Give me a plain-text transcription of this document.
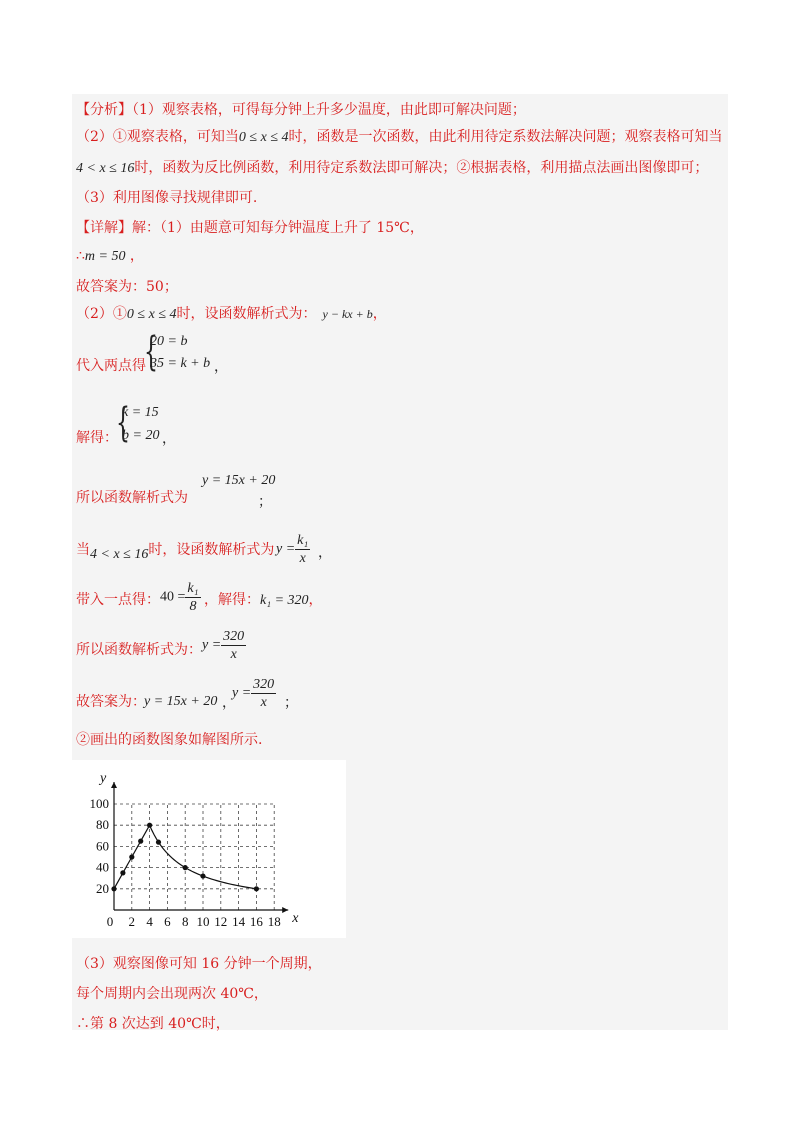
【分析】（1）观察表格，可得每分钟上升多少温度，由此即可解决问题；
（2）①观察表格，可知当0 ≤ x ≤ 4时，函数是一次函数，由此利用待定系数法解决问题；观察表格可知当
4 < x ≤ 16时，函数为反比例函数，利用待定系数法即可解决；②根据表格，利用描点法画出图像即可；
（3）利用图像寻找规律即可.
【详解】解：（1）由题意可知每分钟温度上升了 15℃，
∴m = 50 ，
故答案为：50；
（2）①0 ≤ x ≤ 4时，设函数解析式为： y − kx + b，
代入两点得
{
20 = b
35 = k + b ，
解得：
{
k = 15
b = 20 ，
所以函数解析式为
y = 15x + 20
；
当4 < x ≤ 16时，设函数解析式为 $y = \frac{\text{k₁}}{x}$ ，
带入一点得： $40 = \frac{\text{k₁}}{8}$ ，解得：k₁ = 320，
所以函数解析式为： $y = \frac{320}{x}$
故答案为：
y = 15x + 20 ，
$y = \frac{320}{x}$ ；
②画出的函数图象如解图所示.
2 4 6 8 10 12 14 16 18
20
40
60
80
100
0	x
y
（3）观察图像可知 16 分钟一个周期，
每个周期内会出现两次 40℃，
∴第 8 次达到 40℃时，
